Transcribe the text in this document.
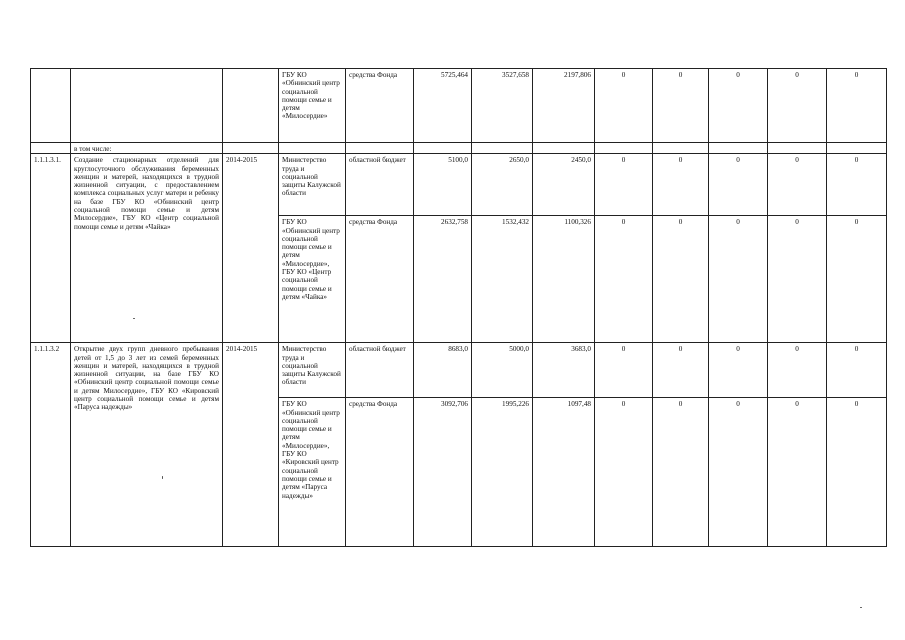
			ГБУ КО «Обнинский центр социальной помощи семье и детям «Милосердие»	средства Фонда	5725,464	3527,658	2197,806	0	0	0	0	0
	в том числе:											
1.1.1.3.1.	Создание стационарных отделений для круглосуточного обслуживания беременных женщин и матерей, находящихся в трудной жизненной ситуации, с предоставлением комплекса социальных услуг матери и ребенку на базе ГБУ КО «Обнинский центр социальной помощи семье и детям Милосердие», ГБУ КО «Центр социальной помощи семье и детям «Чайка»	2014-2015	Министерство труда и социальной защиты Калужской области	областной бюджет	5100,0	2650,0	2450,0	0	0	0	0	0
			ГБУ КО «Обнинский центр социальной помощи семье и детям «Милосердие», ГБУ КО «Центр социальной помощи семье и детям «Чайка»	средства Фонда	2632,758	1532,432	1100,326	0	0	0	0	0
1.1.1.3.2	Открытие двух групп дневного пребывания детей от 1,5 до 3 лет из семей беременных женщин и матерей, находящихся в трудной жизненной ситуации, на базе ГБУ КО «Обнинский центр социальной помощи семье и детям Милосердие», ГБУ КО «Кировский центр социальной помощи семье и детям «Паруса надежды»	2014-2015	Министерство труда и социальной защиты Калужской области	областной бюджет	8683,0	5000,0	3683,0	0	0	0	0	0
			ГБУ КО «Обнинский центр социальной помощи семье и детям «Милосердие», ГБУ КО «Кировский центр социальной помощи семье и детям «Паруса надежды»	средства Фонда	3092,706	1995,226	1097,48	0	0	0	0	0
